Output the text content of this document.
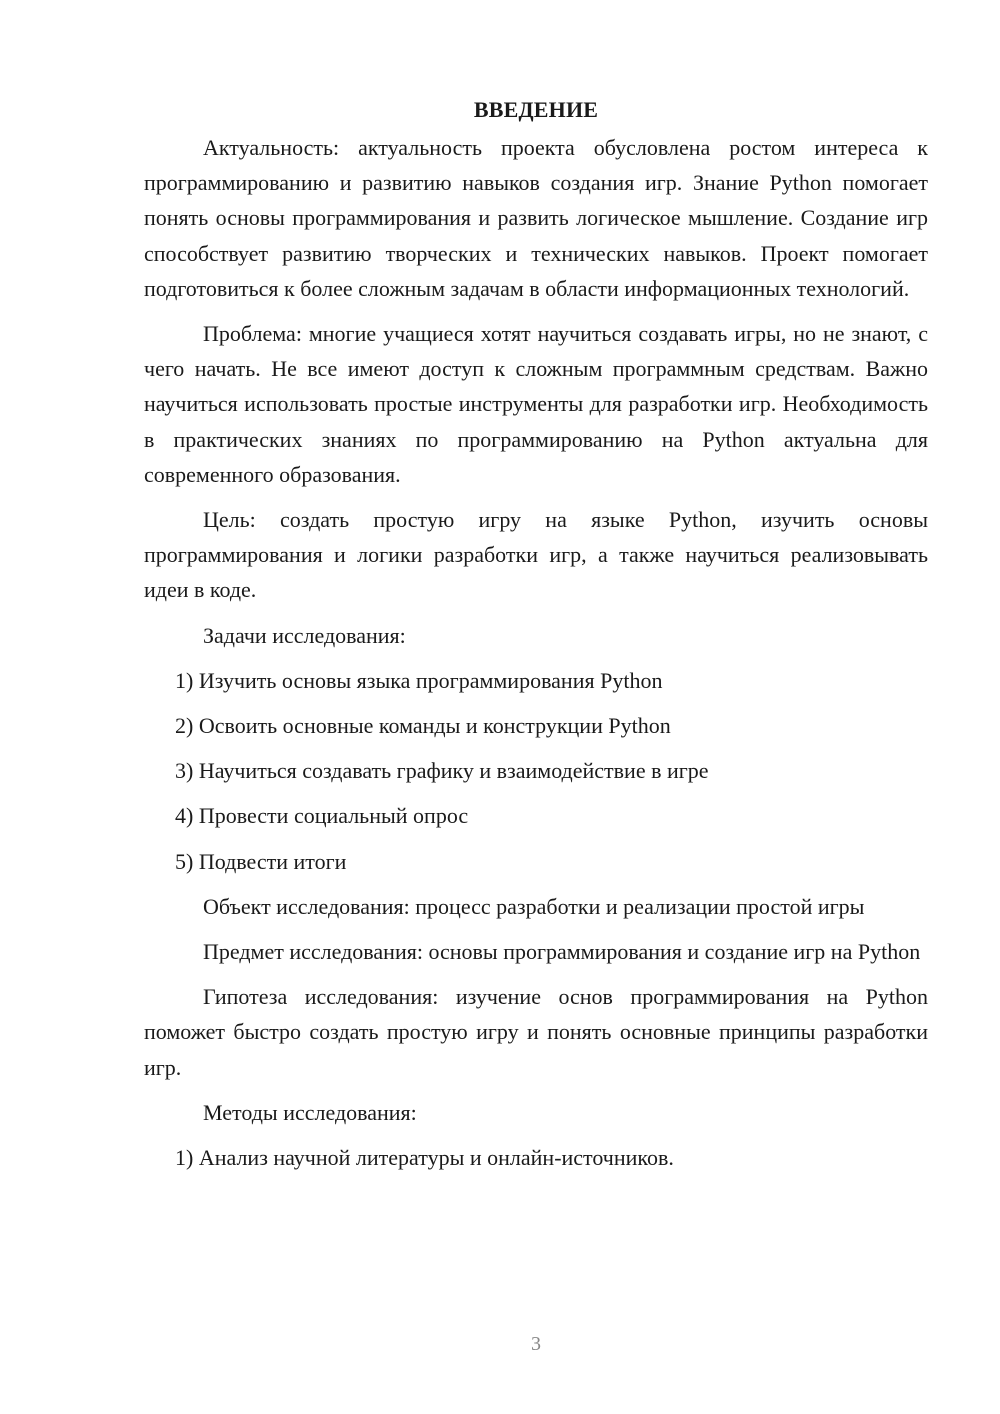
ВВЕДЕНИЕ

Актуальность: актуальность проекта обусловлена ростом интереса к программированию и развитию навыков создания игр. Знание Python помогает понять основы программирования и развить логическое мышление. Создание игр способствует развитию творческих и технических навыков. Проект помогает подготовиться к более сложным задачам в области информационных технологий.

Проблема: многие учащиеся хотят научиться создавать игры, но не знают, с чего начать. Не все имеют доступ к сложным программным средствам. Важно научиться использовать простые инструменты для разработки игр. Необходимость в практических знаниях по программированию на Python актуальна для современного образования.

Цель: создать простую игру на языке Python, изучить основы программирования и логики разработки игр, а также научиться реализовывать идеи в коде.

Задачи исследования:

1) Изучить основы языка программирования Python
2) Освоить основные команды и конструкции Python
3) Научиться создавать графику и взаимодействие в игре
4) Провести социальный опрос
5) Подвести итоги

Объект исследования: процесс разработки и реализации простой игры

Предмет исследования: основы программирования и создание игр на Python

Гипотеза исследования: изучение основ программирования на Python поможет быстро создать простую игру и понять основные принципы разработки игр.

Методы исследования:

1) Анализ научной литературы и онлайн-источников.
3
